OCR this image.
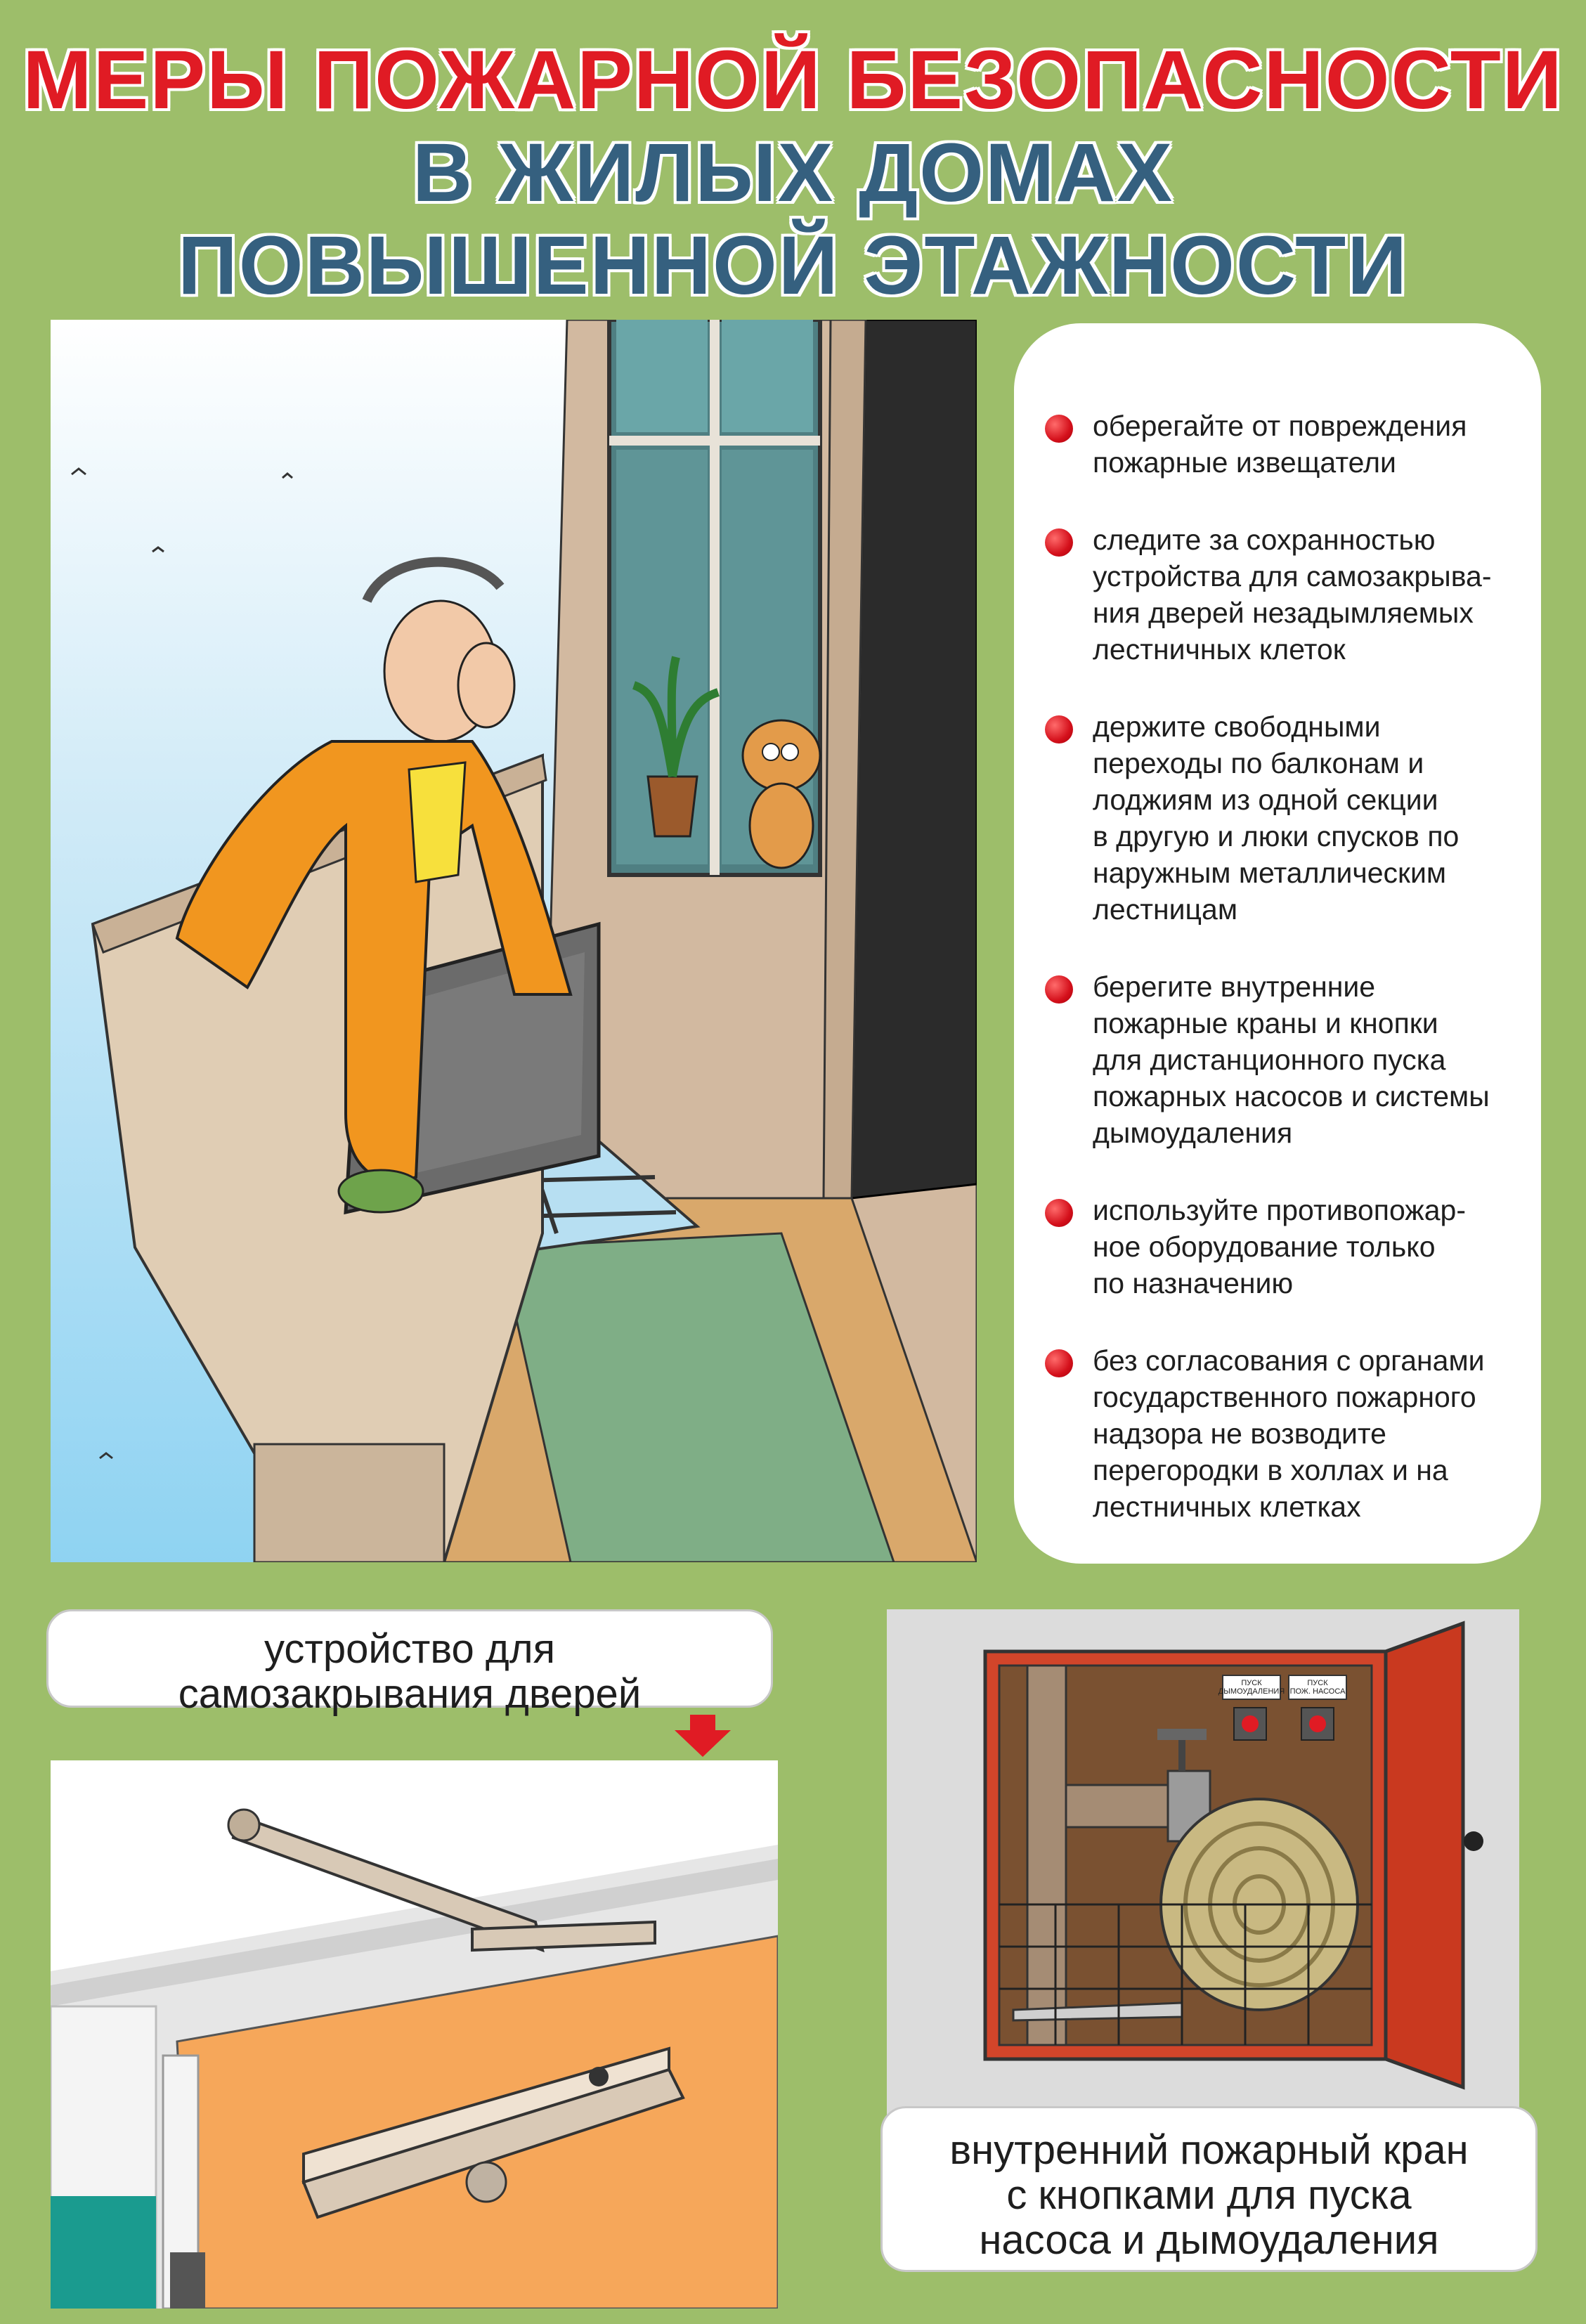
МЕРЫ ПОЖАРНОЙ БЕЗОПАСНОСТИ
В ЖИЛЫХ ДОМАХ
ПОВЫШЕННОЙ ЭТАЖНОСТИ
оберегайте от повреждения
пожарные извещатели
следите за сохранностью
устройства для самозакрыва-
ния дверей незадымляемых
лестничных клеток
держите свободными
переходы по балконам и
лоджиям из одной секции
в другую и люки спусков по
наружным металлическим
лестницам
берегите внутренние
пожарные краны и кнопки
для дистанционного пуска
пожарных насосов и системы
дымоудаления
используйте противопожар-
ное оборудование только
по назначению
без согласования с органами
государственного пожарного
надзора не возводите
перегородки в холлах и на
лестничных клетках
устройство для
самозакрывания дверей	ПУСК ДЫМОУДАЛЕНИЯ
ПУСК ПОЖ. НАСОСА
внутренний пожарный кран
с кнопками для пуска
насоса и дымоудаления
